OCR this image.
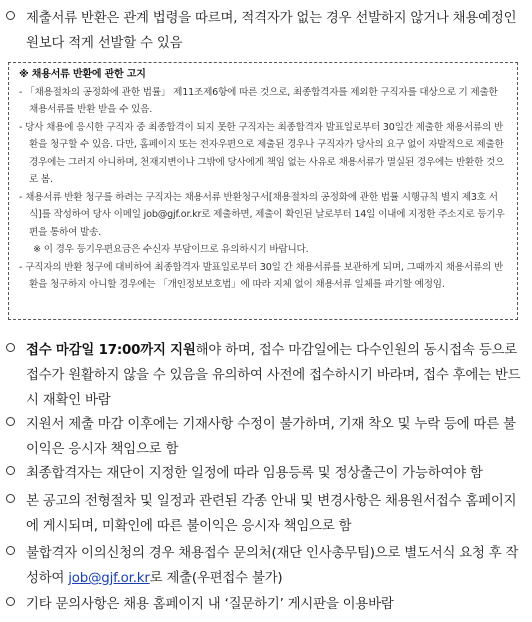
제출서류 반환은 관계 법령을 따르며, 적격자가 없는 경우 선발하지 않거나 채용예정인원보다 적게 선발할 수 있음
※ 채용서류 반환에 관한 고지
- 「채용절차의 공정화에 관한 법률」 제11조제6항에 따른 것으로, 최종합격자를 제외한 구직자를 대상으로 기 제출한 채용서류를 반환 받을 수 있음.
- 당사 채용에 응시한 구직자 중 최종합격이 되지 못한 구직자는 최종합격자 발표일로부터 30일간 제출한 채용서류의 반환을 청구할 수 있음. 다만, 홈페이지 또는 전자우편으로 제출된 경우나 구직자가 당사의 요구 없이 자발적으로 제출한 경우에는 그러지 아니하며, 천재지변이나 그밖에 당사에게 책임 없는 사유로 채용서류가 멸실된 경우에는 반환한 것으로 봄.
- 채용서류 반환 청구를 하려는 구직자는 채용서류 반환청구서[채용절차의 공정화에 관한 법률 시행규칙 별지 제3호 서식]를 작성하여 당사 이메일 job@gjf.or.kr로 제출하면, 제출이 확인된 날로부터 14일 이내에 지정한 주소지로 등기우편을 통하여 발송.
※ 이 경우 등기우편요금은 수신자 부담이므로 유의하시기 바랍니다.
- 구직자의 반환 청구에 대비하여 최종합격자 발표일로부터 30일 간 채용서류를 보관하게 되며, 그때까지 채용서류의 반환을 청구하지 아니할 경우에는 「개인정보보호법」에 따라 지체 없이 채용서류 일체를 파기할 예정임.
접수 마감일 17:00까지 지원해야 하며, 접수 마감일에는 다수인원의 동시접속 등으로 접수가 원활하지 않을 수 있음을 유의하여 사전에 접수하시기 바라며, 접수 후에는 반드시 재확인 바람
지원서 제출 마감 이후에는 기재사항 수정이 불가하며, 기재 착오 및 누락 등에 따른 불이익은 응시자 책임으로 함
최종합격자는 재단이 지정한 일정에 따라 임용등록 및 정상출근이 가능하여야 함
본 공고의 전형절차 및 일정과 관련된 각종 안내 및 변경사항은 채용원서접수 홈페이지에 게시되며, 미확인에 따른 불이익은 응시자 책임으로 함
불합격자 이의신청의 경우 채용접수 문의처(재단 인사총무팀)으로 별도서식 요청 후 작성하여 job@gjf.or.kr로 제출(우편접수 불가)
기타 문의사항은 채용 홈페이지 내 ‘질문하기’ 게시판을 이용바람
